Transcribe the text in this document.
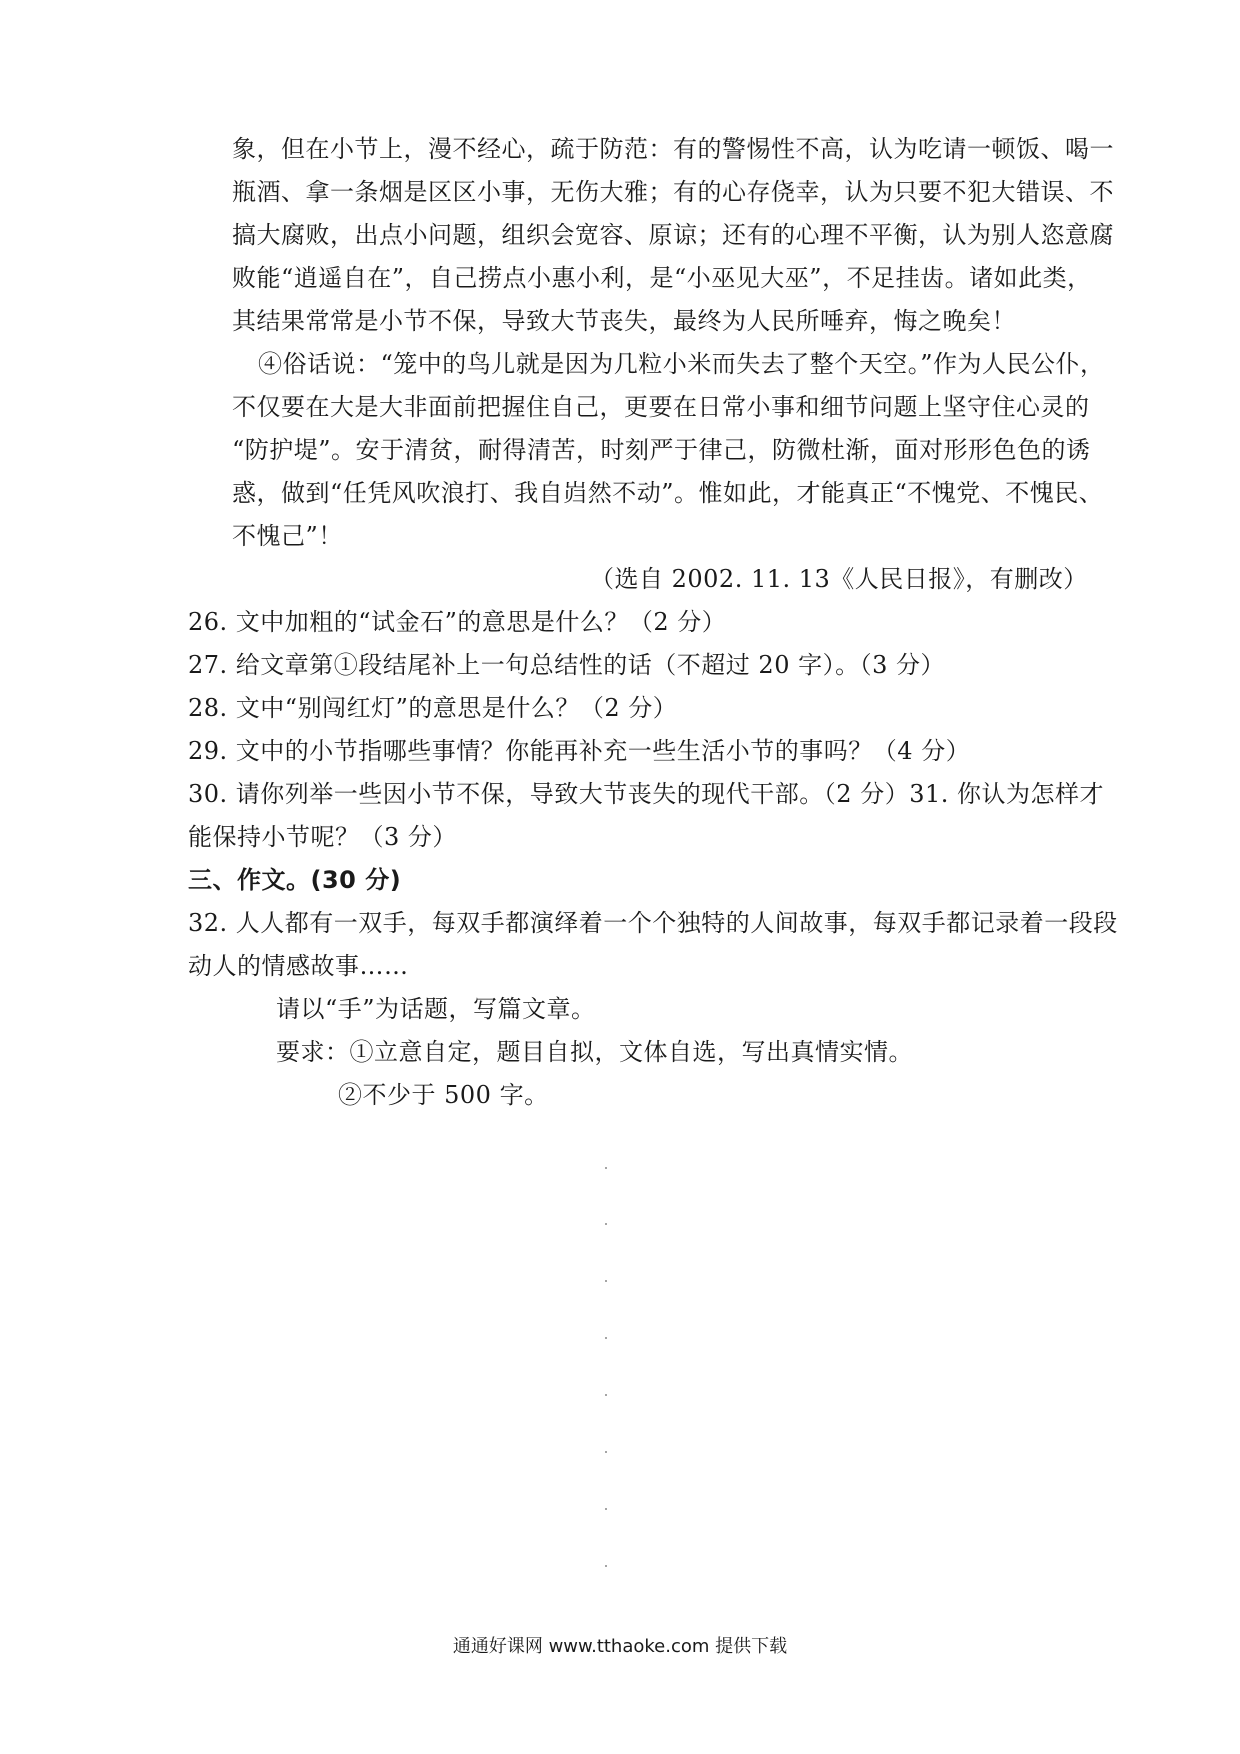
象，但在小节上，漫不经心，疏于防范：有的警惕性不高，认为吃请一顿饭、喝一
瓶酒、拿一条烟是区区小事，无伤大雅；有的心存侥幸，认为只要不犯大错误、不
搞大腐败，出点小问题，组织会宽容、原谅；还有的心理不平衡，认为别人恣意腐
败能“逍遥自在”，自己捞点小惠小利，是“小巫见大巫”，不足挂齿。诸如此类，
其结果常常是小节不保，导致大节丧失，最终为人民所唾弃，悔之晚矣！
④俗话说：“笼中的鸟儿就是因为几粒小米而失去了整个天空。”作为人民公仆，
不仅要在大是大非面前把握住自己，更要在日常小事和细节问题上坚守住心灵的
“防护堤”。安于清贫，耐得清苦，时刻严于律己，防微杜渐，面对形形色色的诱
惑，做到“任凭风吹浪打、我自岿然不动”。惟如此，才能真正“不愧党、不愧民、
不愧己”！
（选自 2002. 11. 13《人民日报》，有删改）
26. 文中加粗的“试金石”的意思是什么？（2 分）
27. 给文章第①段结尾补上一句总结性的话（不超过 20 字）。（3 分）
28. 文中“别闯红灯”的意思是什么？（2 分）
29. 文中的小节指哪些事情？你能再补充一些生活小节的事吗？（4 分）
30. 请你列举一些因小节不保，导致大节丧失的现代干部。（2 分）31. 你认为怎样才
能保持小节呢？（3 分）
三、作文。(30 分)
32. 人人都有一双手，每双手都演绎着一个个独特的人间故事，每双手都记录着一段段
动人的情感故事……
请以“手”为话题，写篇文章。
要求：①立意自定，题目自拟，文体自选，写出真情实情。
②不少于 500 字。
通通好课网 www.tthaoke.com 提供下载
